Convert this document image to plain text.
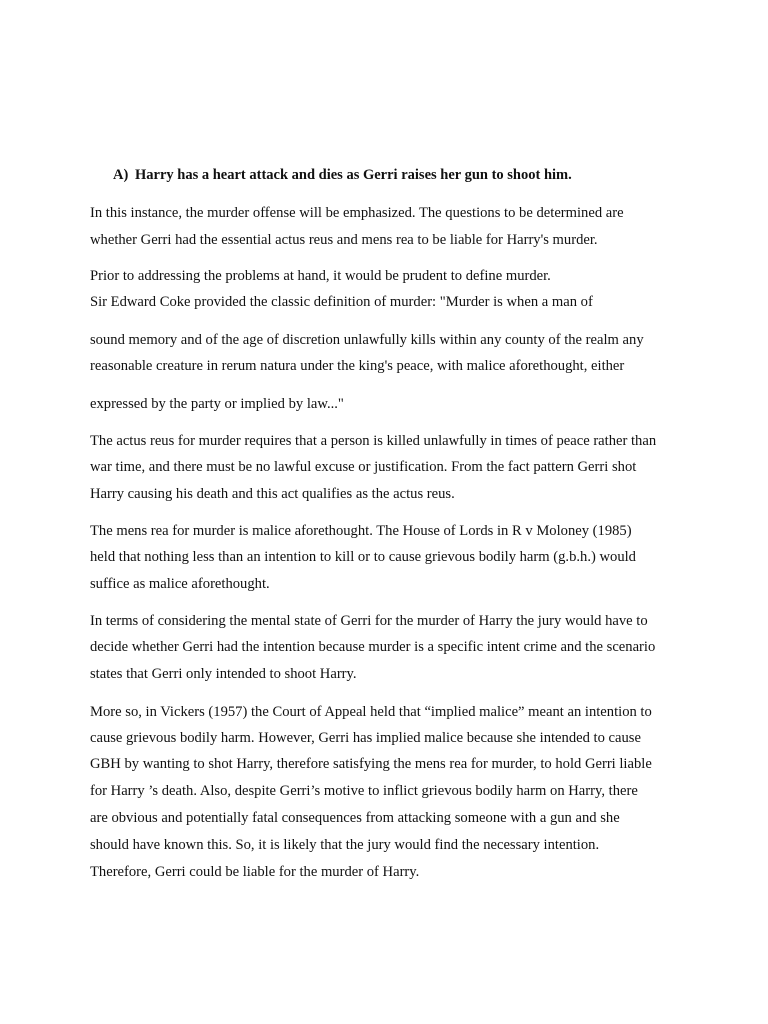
A) Harry has a heart attack and dies as Gerri raises her gun to shoot him.
In this instance, the murder offense will be emphasized. The questions to be determined are
whether Gerri had the essential actus reus and mens rea to be liable for Harry's murder.
Prior to addressing the problems at hand, it would be prudent to define murder.
Sir Edward Coke provided the classic definition of murder: "Murder is when a man of
sound memory and of the age of discretion unlawfully kills within any county of the realm any
reasonable creature in rerum natura under the king's peace, with malice aforethought, either
expressed by the party or implied by law..."
The actus reus for murder requires that a person is killed unlawfully in times of peace rather than
war time, and there must be no lawful excuse or justification. From the fact pattern Gerri shot
Harry causing his death and this act qualifies as the actus reus.
The mens rea for murder is malice aforethought. The House of Lords in R v Moloney (1985)
held that nothing less than an intention to kill or to cause grievous bodily harm (g.b.h.) would
suffice as malice aforethought.
In terms of considering the mental state of Gerri for the murder of Harry the jury would have to
decide whether Gerri had the intention because murder is a specific intent crime and the scenario
states that Gerri only intended to shoot Harry.
More so, in Vickers (1957) the Court of Appeal held that “implied malice” meant an intention to
cause grievous bodily harm. However, Gerri has implied malice because she intended to cause
GBH by wanting to shot Harry, therefore satisfying the mens rea for murder, to hold Gerri liable
for Harry ’s death. Also, despite Gerri’s motive to inflict grievous bodily harm on Harry, there
are obvious and potentially fatal consequences from attacking someone with a gun and she
should have known this. So, it is likely that the jury would find the necessary intention.
Therefore, Gerri could be liable for the murder of Harry.
